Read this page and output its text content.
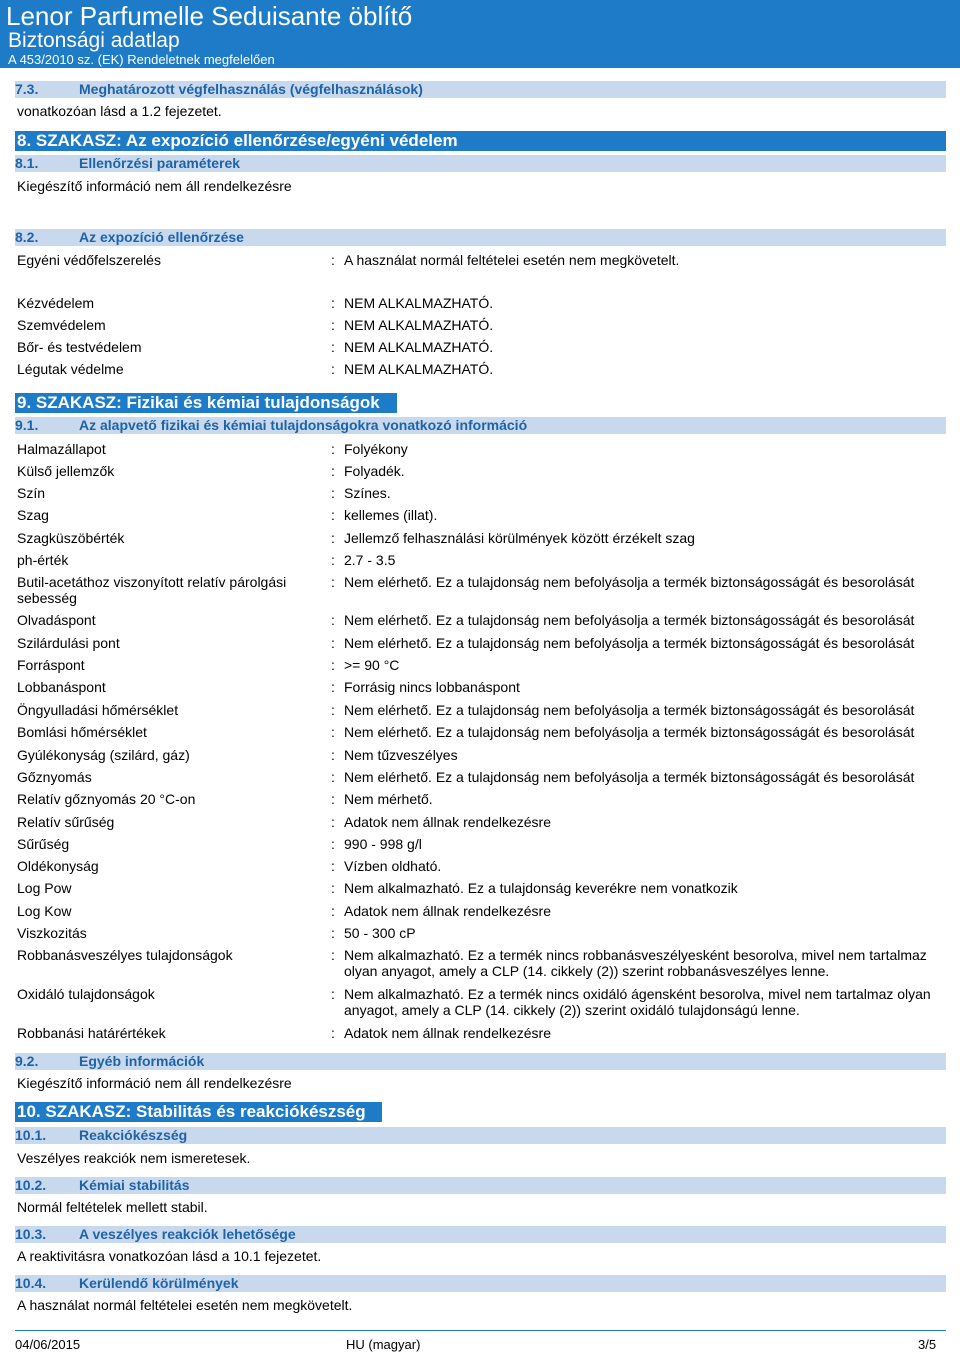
Lenor Parfumelle Seduisante öblítő
Biztonsági adatlap
A 453/2010 sz. (EK) Rendeletnek megfelelően
7.3.	Meghatározott végfelhasználás (végfelhasználások)
vonatkozóan lásd a 1.2 fejezetet.
8. SZAKASZ: Az expozíció ellenőrzése/egyéni védelem
8.1.	Ellenőrzési paraméterek
Kiegészítő információ nem áll rendelkezésre
8.2.	Az expozíció ellenőrzése
Egyéni védőfelszerelés	: A használat normál feltételei esetén nem megkövetelt.
Kézvédelem	: NEM ALKALMAZHATÓ.
Szemvédelem	: NEM ALKALMAZHATÓ.
Bőr- és testvédelem	: NEM ALKALMAZHATÓ.
Légutak védelme	: NEM ALKALMAZHATÓ.
9. SZAKASZ: Fizikai és kémiai tulajdonságok
9.1.	Az alapvető fizikai és kémiai tulajdonságokra vonatkozó információ
Halmazállapot	: Folyékony
Külső jellemzők	: Folyadék.
Szín	: Színes.
Szag	: kellemes (illat).
Szagküszöbérték	: Jellemző felhasználási körülmények között érzékelt szag
ph-érték	: 2.7 - 3.5
Butil-acetáthoz viszonyított relatív párolgási sebesség
: Nem elérhető. Ez a tulajdonság nem befolyásolja a termék biztonságosságát és besorolását
Olvadáspont	: Nem elérhető. Ez a tulajdonság nem befolyásolja a termék biztonságosságát és besorolását
Szilárdulási pont	: Nem elérhető. Ez a tulajdonság nem befolyásolja a termék biztonságosságát és besorolását
Forráspont	: >= 90 °C
Lobbanáspont	: Forrásig nincs lobbanáspont
Öngyulladási hőmérséklet	: Nem elérhető. Ez a tulajdonság nem befolyásolja a termék biztonságosságát és besorolását
Bomlási hőmérséklet	: Nem elérhető. Ez a tulajdonság nem befolyásolja a termék biztonságosságát és besorolását
Gyúlékonyság (szilárd, gáz)	: Nem tűzveszélyes
Gőznyomás	: Nem elérhető. Ez a tulajdonság nem befolyásolja a termék biztonságosságát és besorolását
Relatív gőznyomás 20 °C-on	: Nem mérhető.
Relatív sűrűség	: Adatok nem állnak rendelkezésre
Sűrűség	: 990 - 998 g/l
Oldékonyság	: Vízben oldható.
Log Pow	: Nem alkalmazható. Ez a tulajdonság keverékre nem vonatkozik
Log Kow	: Adatok nem állnak rendelkezésre
Viszkozitás	: 50 - 300 cP
Robbanásveszélyes tulajdonságok	: Nem alkalmazható. Ez a termék nincs robbanásveszélyesként besorolva, mivel nem tartalmaz olyan anyagot, amely a CLP (14. cikkely (2)) szerint robbanásveszélyes lenne.
Oxidáló tulajdonságok	: Nem alkalmazható. Ez a termék nincs oxidáló ágensként besorolva, mivel nem tartalmaz olyan anyagot, amely a CLP (14. cikkely (2)) szerint oxidáló tulajdonságú lenne.
Robbanási határértékek	: Adatok nem állnak rendelkezésre
9.2.	Egyéb információk
Kiegészítő információ nem áll rendelkezésre
10. SZAKASZ: Stabilitás és reakciókészség
10.1. Reakciókészség
Veszélyes reakciók nem ismeretesek.
10.2. Kémiai stabilitás
Normál feltételek mellett stabil.
10.3. A veszélyes reakciók lehetősége
A reaktivitásra vonatkozóan lásd a 10.1 fejezetet.
10.4. Kerülendő körülmények
A használat normál feltételei esetén nem megkövetelt.
04/06/2015	HU (magyar)	3/5
